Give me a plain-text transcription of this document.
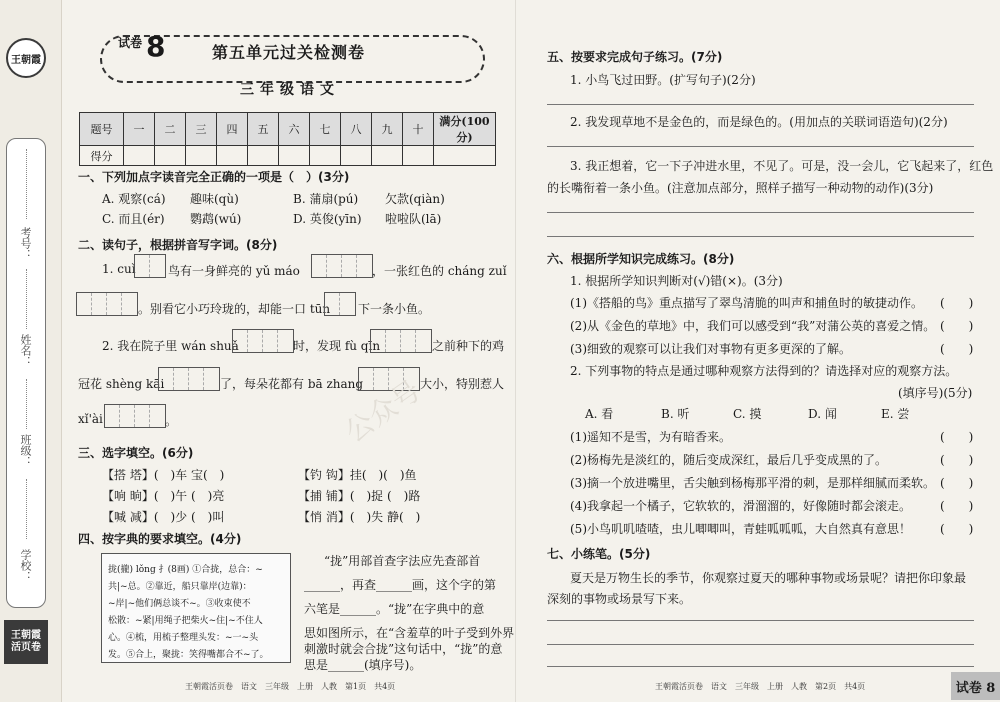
王朝霞
考号：
姓名：
班级：
学校：
王朝霞
活页卷
试卷 8	第五单元过关检测卷
三年级语文
题号	一	二	三	四	五	六	七	八	九	十	满分(100分)
得分											
一、下列加点字读音完全正确的一项是（　）(3分)
A. 观察(cá) 趣味(qù)	B. 蒲扇(pú) 欠款(qiàn)
C. 而且(ér) 鹦鹉(wú)	D. 英俊(yīn) 啦啦队(lā)
二、读句子，根据拼音写字词。(8分)
1. cuì	鸟有一身鲜亮的 yǔ máo	，一张红色的 cháng zuǐ
。别看它小巧玲珑的，却能一口 tūn 下一条小鱼。
2. 我在院子里 wán shuǎ	时，发现 fù qīn	之前种下的鸡
冠花 shèng kāi	了，每朵花都有 bā zhang	大小，特别惹人
xǐ'ài	。
三、选字填空。(6分)
【搭 塔】(　)车 宝(　)	【钓 钩】挂(　)(　)鱼
【响 晌】(　)午 (　)亮	【捕 铺】(　)捉 (　)路
【喊 减】(　)少 (　)叫	【悄 消】(　)失 静(　)
四、按字典的要求填空。(4分)
拢(攏) lǒng 扌(8画) ①合拢，总合：~
共|~总。②靠近，船只靠岸(边靠)：
~岸|~他们俩总谈不~。③收束使不
松散：~紧|用绳子把柴火~住|~不住人
心。④梳，用梳子整理头发：~一~头
发。⑤合上，聚拢：笑得嘴都合不~了。
“拢”用部首查字法应先查部首
______，再查______画，这个字的第
六笔是______。“拢”在字典中的意
思如图所示，在“含羞草的叶子受到外界
刺激时就会合拢”这句话中，“拢”的意
思是______(填序号)。
王朝霞活页卷　语文　三年级　上册　人教　第1页　共4页
公众号
五、按要求完成句子练习。(7分)
1. 小鸟飞过田野。(扩写句子)(2分)
2. 我发现草地不是金色的，而是绿色的。(用加点的关联词语造句)(2分)
3. 我正想着，它一下子冲进水里，不见了。可是，没一会儿，它飞起来了，红色
的长嘴衔着一条小鱼。(注意加点部分，照样子描写一种动物的动作)(3分)
六、根据所学知识完成练习。(8分)
1. 根据所学知识判断对(√)错(×)。(3分)
(1)《搭船的鸟》重点描写了翠鸟清脆的叫声和捕鱼时的敏捷动作。 (　　)
(2)从《金色的草地》中，我们可以感受到“我”对蒲公英的喜爱之情。 (　　)
(3)细致的观察可以让我们对事物有更多更深的了解。	(　　)
2. 下列事物的特点是通过哪种观察方法得到的？请选择对应的观察方法。
(填序号)(5分)
A. 看	B. 听	C. 摸	D. 闻	E. 尝
(1)遥知不是雪，为有暗香来。	(　　)
(2)杨梅先是淡红的，随后变成深红，最后几乎变成黑的了。	(　　)
(3)摘一个放进嘴里，舌尖触到杨梅那平滑的刺，是那样细腻而柔软。 (　　)
(4)我拿起一个橘子，它软软的，滑溜溜的，好像随时都会滚走。 (　　)
(5)小鸟叽叽喳喳，虫儿唧唧叫，青蛙呱呱呱，大自然真有意思！ (　　)
七、小练笔。(5分)
夏天是万物生长的季节，你观察过夏天的哪种事物或场景呢？请把你印象最
深刻的事物或场景写下来。
王朝霞活页卷　语文　三年级　上册　人教　第2页　共4页	试卷 8
